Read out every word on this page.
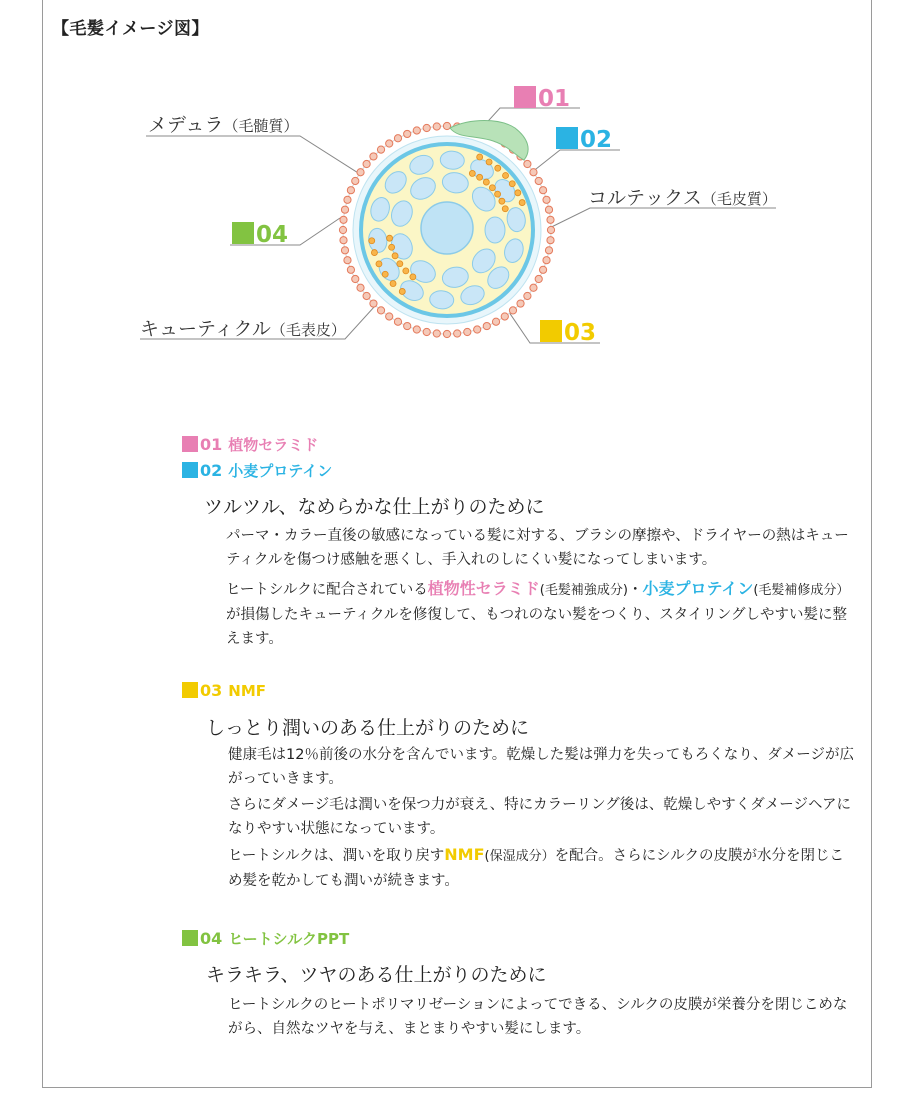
【毛髪イメージ図】
メデュラ（毛髄質）
コルテックス（毛皮質）
キューティクル（毛表皮）
01
02
04
03
01 植物セラミド
02 小麦プロテイン
ツルツル、なめらかな仕上がりのために
パーマ・カラー直後の敏感になっている髪に対する、ブラシの摩擦や、ドライヤーの熱はキューティクルを傷つけ感触を悪くし、手入れのしにくい髪になってしまいます。
ヒートシルクに配合されている植物性セラミド(毛髪補強成分)・小麦プロテイン(毛髪補修成分）が損傷したキューティクルを修復して、もつれのない髪をつくり、スタイリングしやすい髪に整えます。
03 NMF
しっとり潤いのある仕上がりのために
健康毛は12％前後の水分を含んでいます。乾燥した髪は弾力を失ってもろくなり、ダメージが広がっていきます。
さらにダメージ毛は潤いを保つ力が衰え、特にカラーリング後は、乾燥しやすくダメージヘアになりやすい状態になっています。
ヒートシルクは、潤いを取り戻すNMF(保湿成分）を配合。さらにシルクの皮膜が水分を閉じこめ髪を乾かしても潤いが続きます。
04 ヒートシルクPPT
キラキラ、ツヤのある仕上がりのために
ヒートシルクのヒートポリマリゼーションによってできる、シルクの皮膜が栄養分を閉じこめながら、自然なツヤを与え、まとまりやすい髪にします。
